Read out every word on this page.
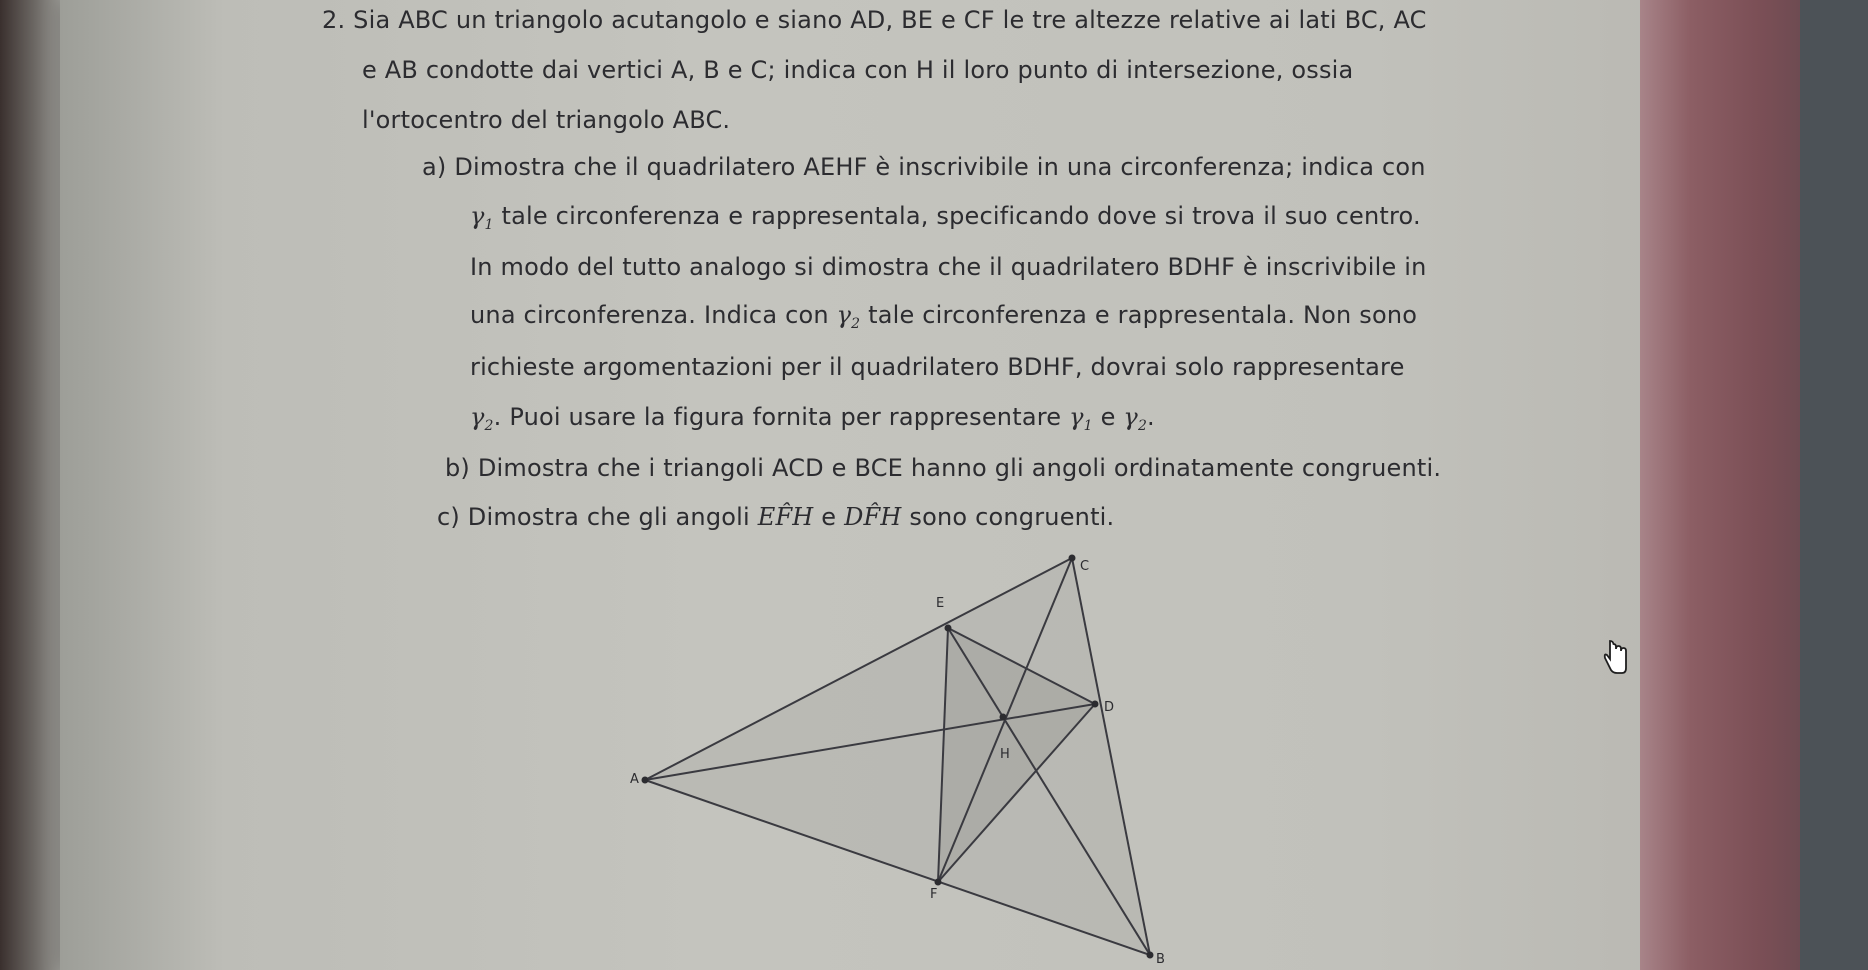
2. Sia ABC un triangolo acutangolo e siano AD, BE e CF le tre altezze relative ai lati BC, AC
e AB condotte dai vertici A, B e C; indica con H il loro punto di intersezione, ossia
l'ortocentro del triangolo ABC.
a) Dimostra che il quadrilatero AEHF è inscrivibile in una circonferenza; indica con
$\gamma_1$ tale circonferenza e rappresentala, specificando dove si trova il suo centro.
In modo del tutto analogo si dimostra che il quadrilatero BDHF è inscrivibile in
una circonferenza. Indica con $\gamma_2$ tale circonferenza e rappresentala. Non sono
richieste argomentazioni per il quadrilatero BDHF, dovrai solo rappresentare
$\gamma_2$. Puoi usare la figura fornita per rappresentare $\gamma_1$ e $\gamma_2$.
b) Dimostra che i triangoli ACD e BCE hanno gli angoli ordinatamente congruenti.
c) Dimostra che gli angoli EF̂H e DF̂H sono congruenti.
A
C
B
D
E
F
H
